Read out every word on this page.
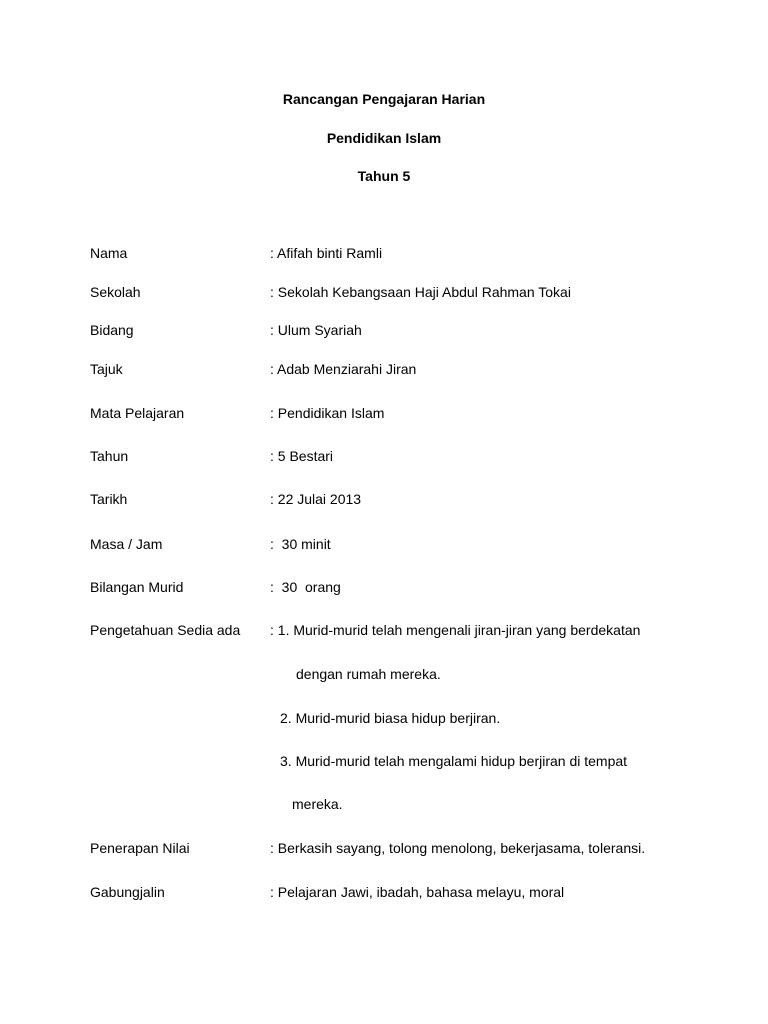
Rancangan Pengajaran Harian
Pendidikan Islam
Tahun 5
Nama	: Afifah binti Ramli
Sekolah	: Sekolah Kebangsaan Haji Abdul Rahman Tokai
Bidang	: Ulum Syariah
Tajuk	: Adab Menziarahi Jiran
Mata Pelajaran	: Pendidikan Islam
Tahun	: 5 Bestari
Tarikh	: 22 Julai 2013
Masa / Jam	:  30 minit
Bilangan Murid	:  30  orang
Pengetahuan Sedia ada : 1. Murid-murid telah mengenali jiran-jiran yang berdekatan
dengan rumah mereka.
2. Murid-murid biasa hidup berjiran.
3. Murid-murid telah mengalami hidup berjiran di tempat
mereka.
Penerapan Nilai	: Berkasih sayang, tolong menolong, bekerjasama, toleransi.
Gabungjalin	: Pelajaran Jawi, ibadah, bahasa melayu, moral
